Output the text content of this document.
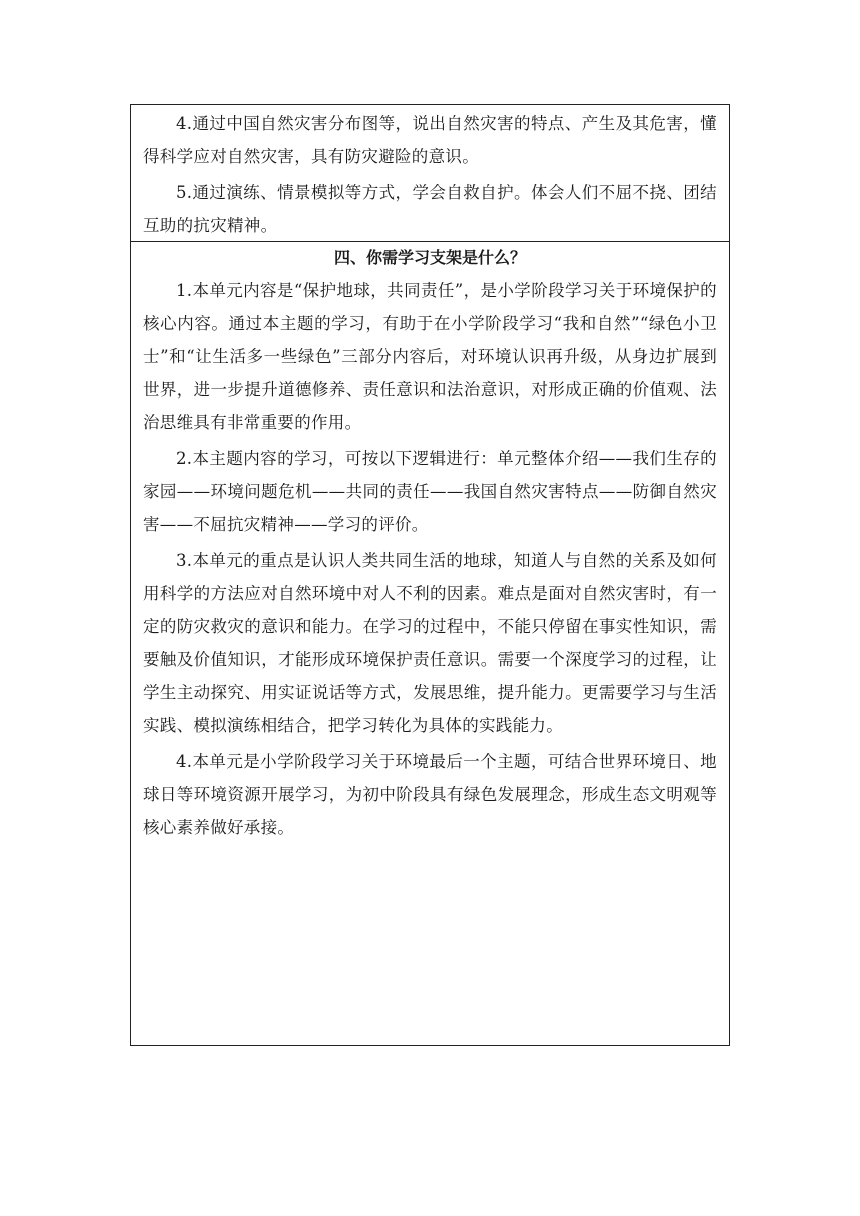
4.通过中国自然灾害分布图等，说出自然灾害的特点、产生及其危害，懂得科学应对自然灾害，具有防灾避险的意识。

5.通过演练、情景模拟等方式，学会自救自护。体会人们不屈不挠、团结互助的抗灾精神。

四、你需学习支架是什么？

1.本单元内容是“保护地球，共同责任”，是小学阶段学习关于环境保护的核心内容。通过本主题的学习，有助于在小学阶段学习“我和自然”“绿色小卫士”和“让生活多一些绿色”三部分内容后，对环境认识再升级，从身边扩展到世界，进一步提升道德修养、责任意识和法治意识，对形成正确的价值观、法治思维具有非常重要的作用。

2.本主题内容的学习，可按以下逻辑进行：单元整体介绍——我们生存的家园——环境问题危机——共同的责任——我国自然灾害特点——防御自然灾害——不屈抗灾精神——学习的评价。

3.本单元的重点是认识人类共同生活的地球，知道人与自然的关系及如何用科学的方法应对自然环境中对人不利的因素。难点是面对自然灾害时，有一定的防灾救灾的意识和能力。在学习的过程中，不能只停留在事实性知识，需要触及价值知识，才能形成环境保护责任意识。需要一个深度学习的过程，让学生主动探究、用实证说话等方式，发展思维，提升能力。更需要学习与生活实践、模拟演练相结合，把学习转化为具体的实践能力。

4.本单元是小学阶段学习关于环境最后一个主题，可结合世界环境日、地球日等环境资源开展学习，为初中阶段具有绿色发展理念，形成生态文明观等核心素养做好承接。
